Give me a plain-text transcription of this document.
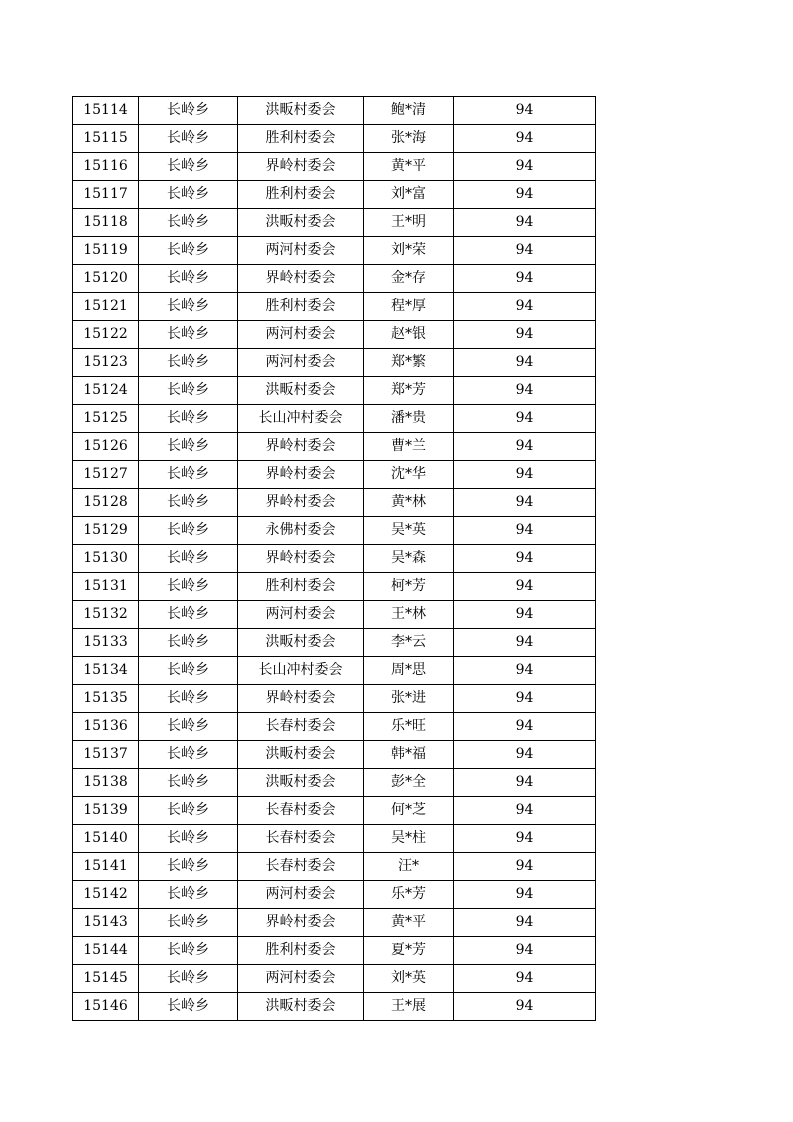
15114	长岭乡	洪畈村委会	鲍*清	94
15115	长岭乡	胜利村委会	张*海	94
15116	长岭乡	界岭村委会	黄*平	94
15117	长岭乡	胜利村委会	刘*富	94
15118	长岭乡	洪畈村委会	王*明	94
15119	长岭乡	两河村委会	刘*荣	94
15120	长岭乡	界岭村委会	金*存	94
15121	长岭乡	胜利村委会	程*厚	94
15122	长岭乡	两河村委会	赵*银	94
15123	长岭乡	两河村委会	郑*繁	94
15124	长岭乡	洪畈村委会	郑*芳	94
15125	长岭乡	长山冲村委会	潘*贵	94
15126	长岭乡	界岭村委会	曹*兰	94
15127	长岭乡	界岭村委会	沈*华	94
15128	长岭乡	界岭村委会	黄*林	94
15129	长岭乡	永佛村委会	吴*英	94
15130	长岭乡	界岭村委会	吴*森	94
15131	长岭乡	胜利村委会	柯*芳	94
15132	长岭乡	两河村委会	王*林	94
15133	长岭乡	洪畈村委会	李*云	94
15134	长岭乡	长山冲村委会	周*思	94
15135	长岭乡	界岭村委会	张*进	94
15136	长岭乡	长春村委会	乐*旺	94
15137	长岭乡	洪畈村委会	韩*福	94
15138	长岭乡	洪畈村委会	彭*全	94
15139	长岭乡	长春村委会	何*芝	94
15140	长岭乡	长春村委会	吴*柱	94
15141	长岭乡	长春村委会	汪*	94
15142	长岭乡	两河村委会	乐*芳	94
15143	长岭乡	界岭村委会	黄*平	94
15144	长岭乡	胜利村委会	夏*芳	94
15145	长岭乡	两河村委会	刘*英	94
15146	长岭乡	洪畈村委会	王*展	94
